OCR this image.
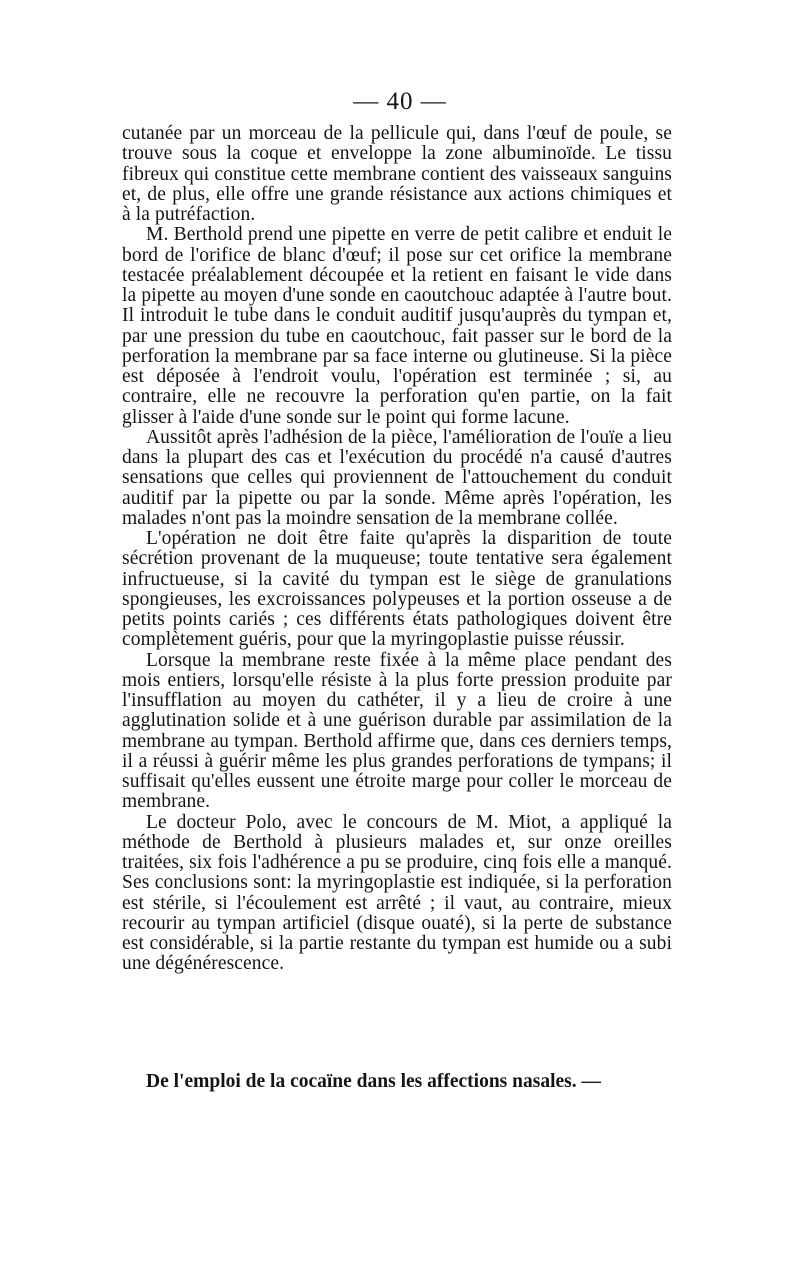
— 40 —

cutanée par un morceau de la pellicule qui, dans l'œuf de poule, se trouve sous la coque et enveloppe la zone albuminoïde. Le tissu fibreux qui constitue cette membrane contient des vaisseaux sanguins et, de plus, elle offre une grande résistance aux actions chimiques et à la putréfaction.

M. Berthold prend une pipette en verre de petit calibre et enduit le bord de l'orifice de blanc d'œuf; il pose sur cet orifice la membrane testacée préalablement découpée et la retient en faisant le vide dans la pipette au moyen d'une sonde en caoutchouc adaptée à l'autre bout. Il introduit le tube dans le conduit auditif jusqu'auprès du tympan et, par une pression du tube en caoutchouc, fait passer sur le bord de la perforation la membrane par sa face interne ou glutineuse. Si la pièce est déposée à l'endroit voulu, l'opération est terminée ; si, au contraire, elle ne recouvre la perforation qu'en partie, on la fait glisser à l'aide d'une sonde sur le point qui forme lacune.

Aussitôt après l'adhésion de la pièce, l'amélioration de l'ouïe a lieu dans la plupart des cas et l'exécution du procédé n'a causé d'autres sensations que celles qui proviennent de l'attouchement du conduit auditif par la pipette ou par la sonde. Même après l'opération, les malades n'ont pas la moindre sensation de la membrane collée.

L'opération ne doit être faite qu'après la disparition de toute sécrétion provenant de la muqueuse; toute tentative sera également infructueuse, si la cavité du tympan est le siège de granulations spongieuses, les excroissances polypeuses et la portion osseuse a de petits points cariés ; ces différents états pathologiques doivent être complètement guéris, pour que la myringoplastie puisse réussir.

Lorsque la membrane reste fixée à la même place pendant des mois entiers, lorsqu'elle résiste à la plus forte pression produite par l'insufflation au moyen du cathéter, il y a lieu de croire à une agglutination solide et à une guérison durable par assimilation de la membrane au tympan. Berthold affirme que, dans ces derniers temps, il a réussi à guérir même les plus grandes perforations de tympans; il suffisait qu'elles eussent une étroite marge pour coller le morceau de membrane.

Le docteur Polo, avec le concours de M. Miot, a appliqué la méthode de Berthold à plusieurs malades et, sur onze oreilles traitées, six fois l'adhérence a pu se produire, cinq fois elle a manqué. Ses conclusions sont: la myringoplastie est indiquée, si la perforation est stérile, si l'écoulement est arrêté ; il vaut, au contraire, mieux recourir au tympan artificiel (disque ouaté), si la perte de substance est considérable, si la partie restante du tympan est humide ou a subi une dégénérescence.

De l'emploi de la cocaïne dans les affections nasales. —
